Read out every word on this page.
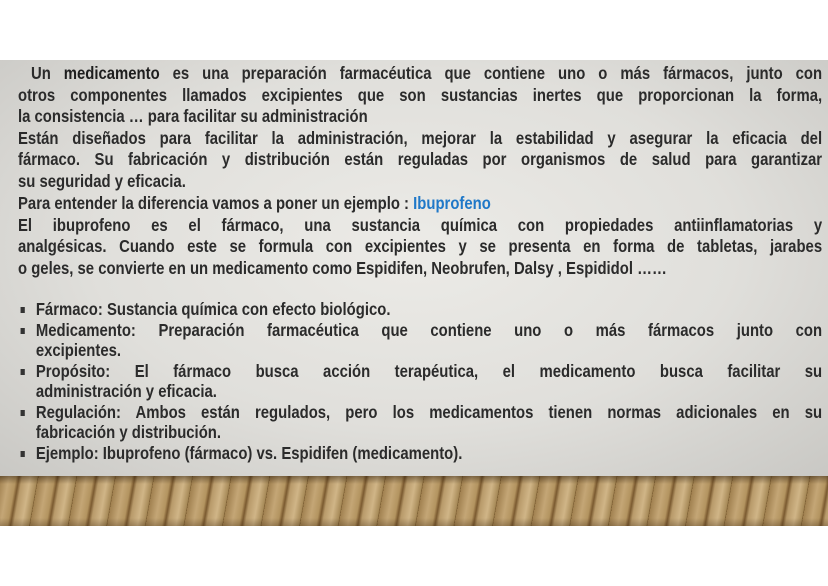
Un medicamento es una preparación farmacéutica que contiene uno o más fármacos, junto con
otros componentes llamados excipientes que son sustancias inertes que proporcionan la forma,
la consistencia … para facilitar su administración
Están diseñados para facilitar la administración, mejorar la estabilidad y asegurar la eficacia del
fármaco. Su fabricación y distribución están reguladas por organismos de salud para garantizar
su seguridad y eficacia.
Para entender la diferencia vamos a poner un ejemplo : Ibuprofeno
El ibuprofeno es el fármaco, una sustancia química con propiedades antiinflamatorias y
analgésicas. Cuando este se formula con excipientes y se presenta en forma de tabletas, jarabes
o geles, se convierte en un medicamento como Espidifen, Neobrufen, Dalsy , Espididol ……
Fármaco: Sustancia química con efecto biológico.
Medicamento: Preparación farmacéutica que contiene uno o más fármacos junto con
excipientes.
Propósito: El fármaco busca acción terapéutica, el medicamento busca facilitar su
administración y eficacia.
Regulación: Ambos están regulados, pero los medicamentos tienen normas adicionales en su
fabricación y distribución.
Ejemplo: Ibuprofeno (fármaco) vs. Espidifen (medicamento).
